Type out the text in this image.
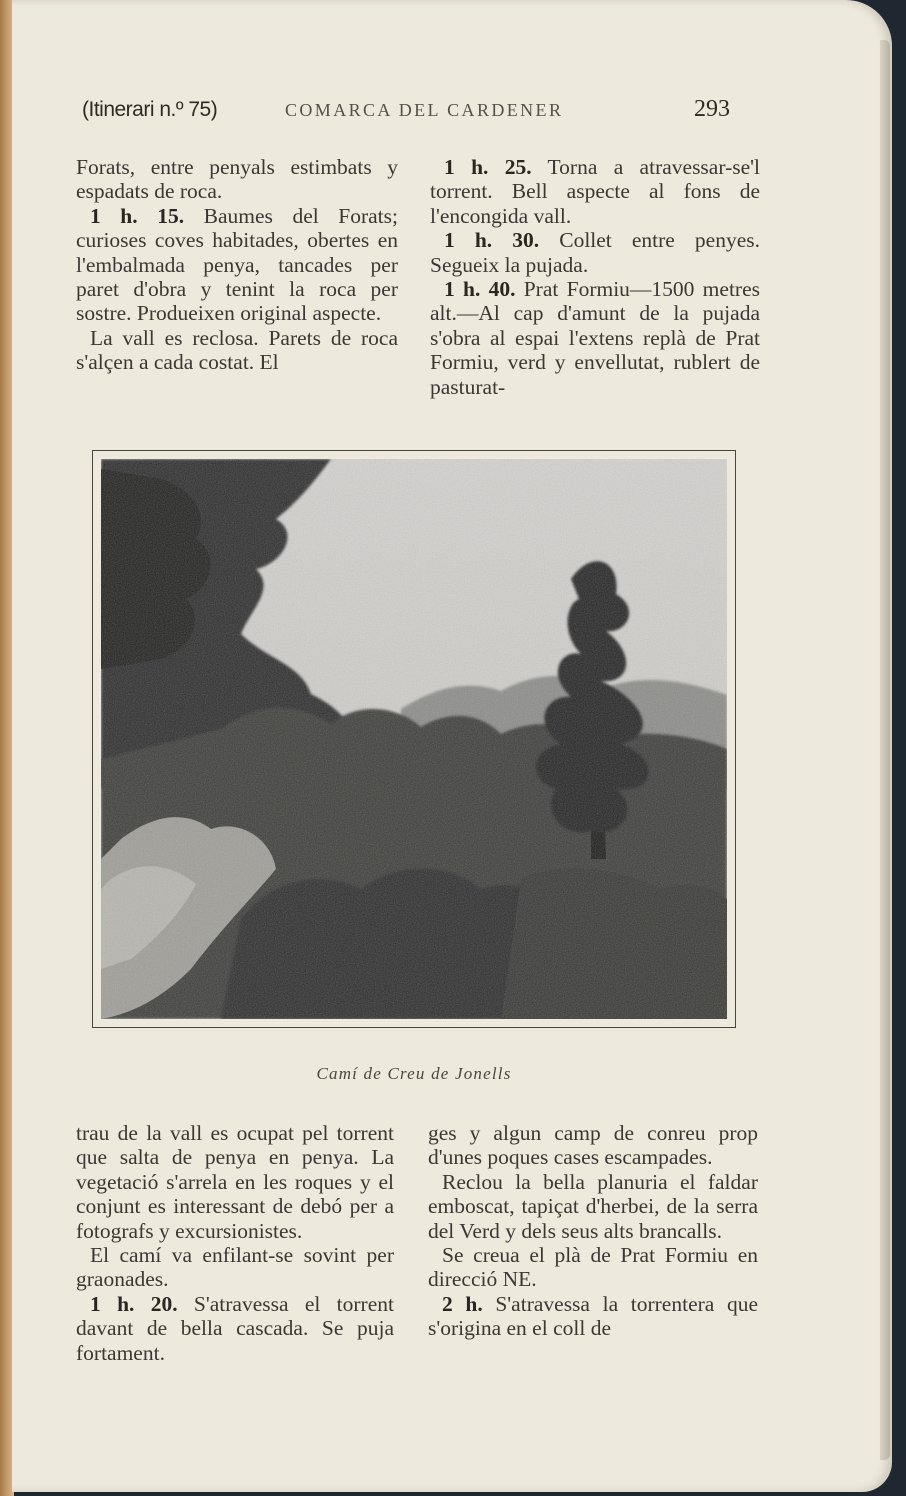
(Itinerari n.º 75)	COMARCA DEL CARDENER	293

Forats, entre penyals estimbats y espadats de roca.

1 h. 15. Baumes del Forats; curioses coves habitades, obertes en l'embalmada penya, tancades per paret d'obra y tenint la roca per sostre. Produeixen original aspecte.

La vall es reclosa. Parets de roca s'alçen a cada costat. El

1 h. 25. Torna a atravessar-se'l torrent. Bell aspecte al fons de l'encongida vall.

1 h. 30. Collet entre penyes. Segueix la pujada.

1 h. 40. Prat Formiu—1500 metres alt.—Al cap d'amunt de la pujada s'obra al espai l'extens replà de Prat Formiu, verd y envellutat, rublert de pasturat-

Camí de Creu de Jonells

trau de la vall es ocupat pel torrent que salta de penya en penya. La vegetació s'arrela en les roques y el conjunt es interessant de debó per a fotografs y excursionistes.

El camí va enfilant-se sovint per graonades.

1 h. 20. S'atravessa el torrent davant de bella cascada. Se puja fortament.

ges y algun camp de conreu prop d'unes poques cases escampades.

Reclou la bella planuria el faldar emboscat, tapiçat d'herbei, de la serra del Verd y dels seus alts brancalls.

Se creua el plà de Prat Formiu en direcció NE.

2 h. S'atravessa la torrentera que s'origina en el coll de
